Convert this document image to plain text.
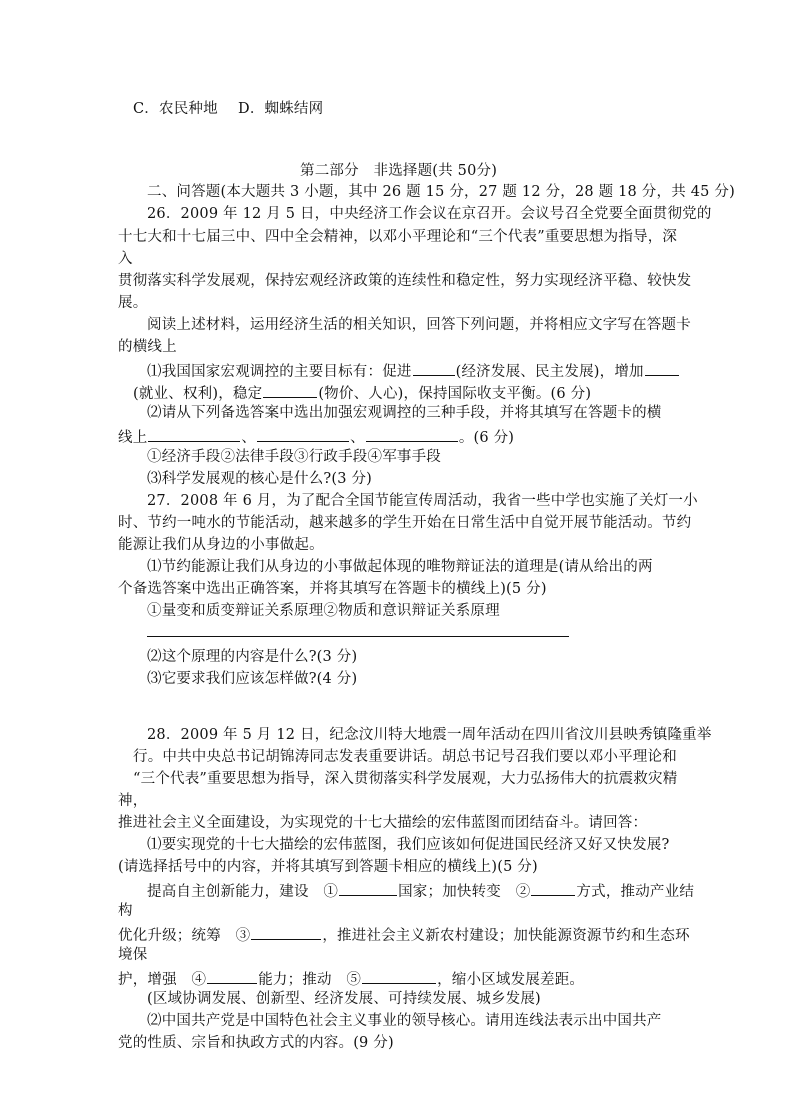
C．农民种地 D．蜘蛛结网
第二部分　非选择题(共 50分)
二、问答题(本大题共 3 小题，其中 26 题 15 分，27 题 12 分，28 题 18 分，共 45 分)
26．2009 年 12 月 5 日，中央经济工作会议在京召开。会议号召全党要全面贯彻党的
十七大和十七届三中、四中全会精神，以邓小平理论和“三个代表”重要思想为指导，深
入
贯彻落实科学发展观，保持宏观经济政策的连续性和稳定性，努力实现经济平稳、较快发
展。
阅读上述材料，运用经济生活的相关知识，回答下列问题，并将相应文字写在答题卡
的横线上
⑴我国国家宏观调控的主要目标有：促进	(经济发展、民主发展)，增加
(就业、权利)，稳定	(物价、人心)，保持国际收支平衡。(6 分)
⑵请从下列备选答案中选出加强宏观调控的三种手段，并将其填写在答题卡的横
线上	、	、	。(6 分)
①经济手段②法律手段③行政手段④军事手段
⑶科学发展观的核心是什么?(3 分)
27．2008 年 6 月，为了配合全国节能宣传周活动，我省一些中学也实施了关灯一小
时、节约一吨水的节能活动，越来越多的学生开始在日常生活中自觉开展节能活动。节约
能源让我们从身边的小事做起。
⑴节约能源让我们从身边的小事做起体现的唯物辩证法的道理是(请从给出的两
个备选答案中选出正确答案，并将其填写在答题卡的横线上)(5 分)
①量变和质变辩证关系原理②物质和意识辩证关系原理
⑵这个原理的内容是什么?(3 分)
⑶它要求我们应该怎样做?(4 分)
28．2009 年 5 月 12 日，纪念汶川特大地震一周年活动在四川省汶川县映秀镇隆重举
行。中共中央总书记胡锦涛同志发表重要讲话。胡总书记号召我们要以邓小平理论和
“三个代表”重要思想为指导，深入贯彻落实科学发展观，大力弘扬伟大的抗震救灾精
神，
推进社会主义全面建设，为实现党的十七大描绘的宏伟蓝图而团结奋斗。请回答：
⑴要实现党的十七大描绘的宏伟蓝图，我们应该如何促进国民经济又好又快发展?
(请选择括号中的内容，并将其填写到答题卡相应的横线上)(5 分)
提高自主创新能力，建设　①	国家；加快转变　②	方式，推动产业结
构
优化升级；统筹　③	，推进社会主义新农村建设；加快能源资源节约和生态环
境保
护，增强　④	能力；推动　⑤	，缩小区域发展差距。
(区域协调发展、创新型、经济发展、可持续发展、城乡发展)
⑵中国共产党是中国特色社会主义事业的领导核心。请用连线法表示出中国共产
党的性质、宗旨和执政方式的内容。(9 分)
